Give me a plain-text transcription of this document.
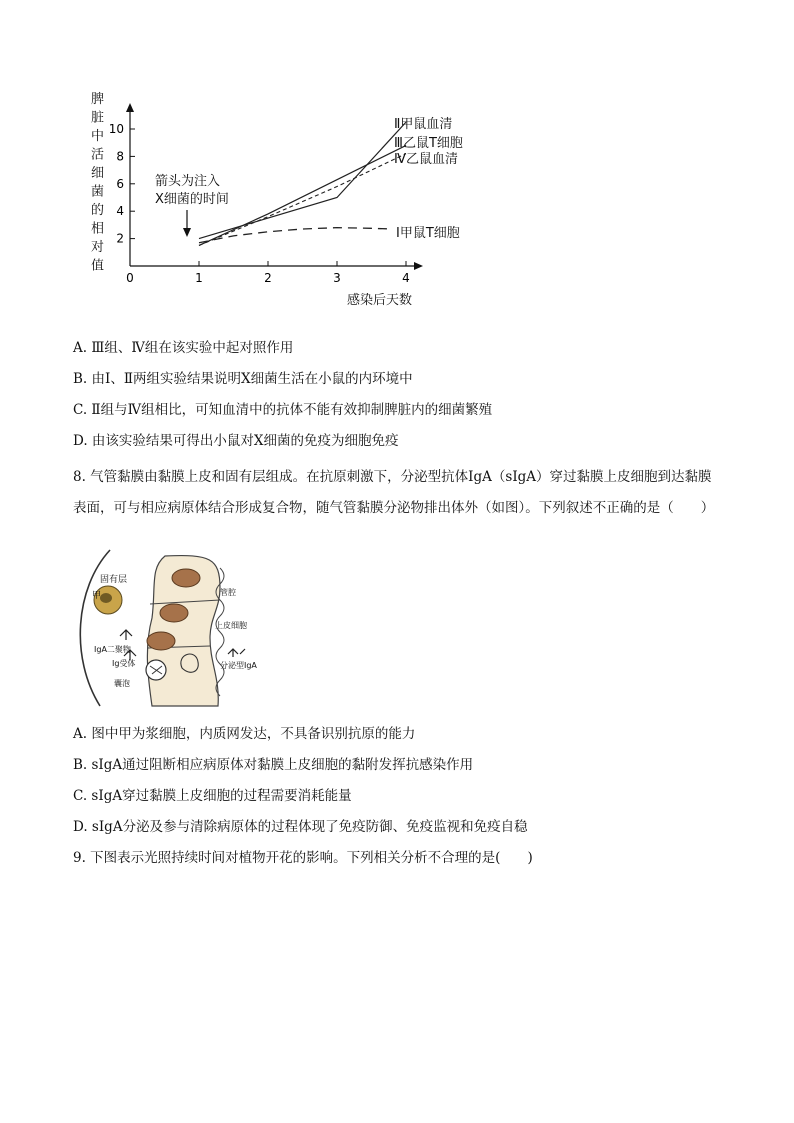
脾脏中活细菌的相对值
2
4
6
8
10
0	1	2	3	4
感染后天数
箭头为注入
X细菌的时间
Ⅱ甲鼠血清
Ⅲ乙鼠T细胞
Ⅳ乙鼠血清
Ⅰ甲鼠T细胞
A. Ⅲ组、Ⅳ组在该实验中起对照作用
B. 由Ⅰ、Ⅱ两组实验结果说明X细菌生活在小鼠的内环境中
C. Ⅱ组与Ⅳ组相比，可知血清中的抗体不能有效抑制脾脏内的细菌繁殖
D. 由该实验结果可得出小鼠对X细菌的免疫为细胞免疫
8. 气管黏膜由黏膜上皮和固有层组成。在抗原刺激下，分泌型抗体IgA（sIgA）穿过黏膜上皮细胞到达黏膜表面，可与相应病原体结合形成复合物，随气管黏膜分泌物排出体外（如图）。下列叙述不正确的是（　　）
固有层
甲	管腔
上皮细胞
IgA二聚物
Ig受体
囊泡
分泌型IgA
A. 图中甲为浆细胞，内质网发达，不具备识别抗原的能力
B. sIgA通过阻断相应病原体对黏膜上皮细胞的黏附发挥抗感染作用
C. sIgA穿过黏膜上皮细胞的过程需要消耗能量
D. sIgA分泌及参与清除病原体的过程体现了免疫防御、免疫监视和免疫自稳
9. 下图表示光照持续时间对植物开花的影响。下列相关分析不合理的是(　　)
